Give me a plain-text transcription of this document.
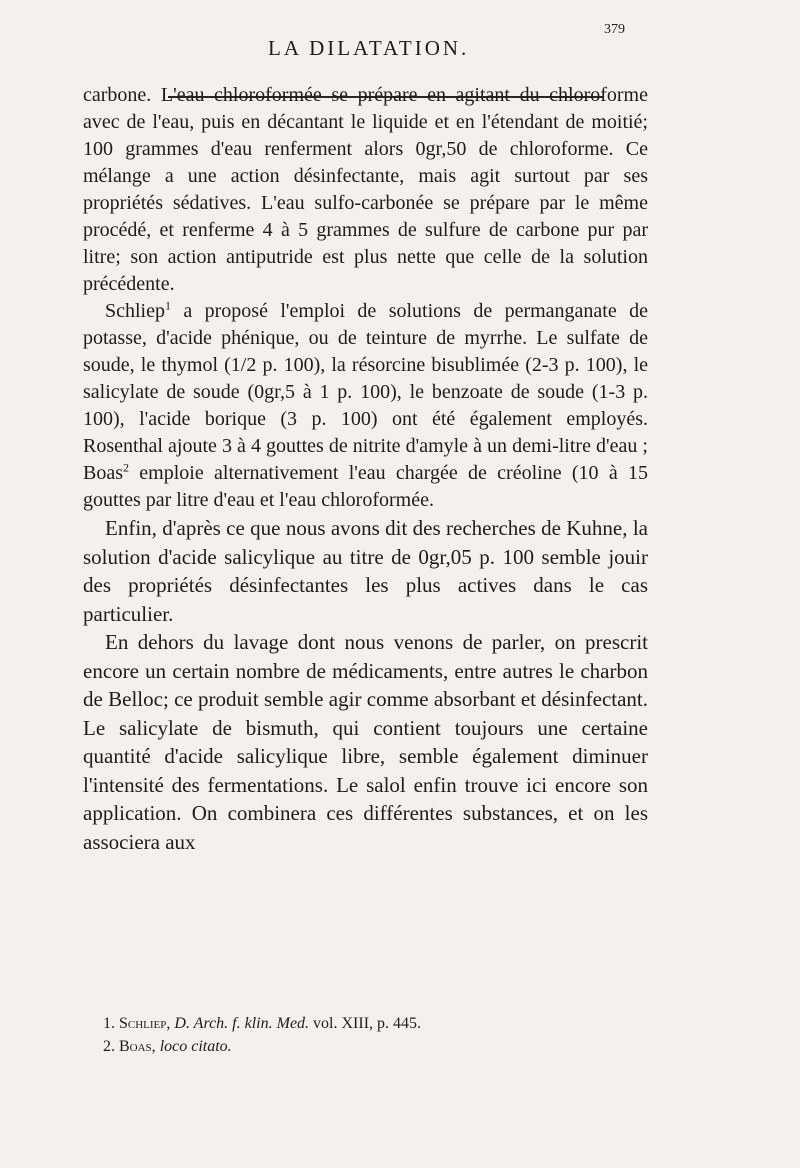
LA DILATATION.
379

carbone. L'eau chloroformée se prépare en agitant du chloroforme avec de l'eau, puis en décantant le liquide et en l'étendant de moitié; 100 grammes d'eau renferment alors 0gr,50 de chloroforme. Ce mélange a une action désinfectante, mais agit surtout par ses propriétés sédatives. L'eau sulfo-carbonée se prépare par le même procédé, et renferme 4 à 5 grammes de sulfure de carbone pur par litre; son action antiputride est plus nette que celle de la solution précédente.

Schliep$^1$ a proposé l'emploi de solutions de permanganate de potasse, d'acide phénique, ou de teinture de myrrhe. Le sulfate de soude, le thymol (1/2 p. 100), la résorcine bisublimée (2-3 p. 100), le salicylate de soude (0gr,5 à 1 p. 100), le benzoate de soude (1-3 p. 100), l'acide borique (3 p. 100) ont été également employés. Rosenthal ajoute 3 à 4 gouttes de nitrite d'amyle à un demi-litre d'eau ; Boas$^2$ emploie alternativement l'eau chargée de créoline (10 à 15 gouttes par litre d'eau et l'eau chloroformée.

Enfin, d'après ce que nous avons dit des recherches de Kuhne, la solution d'acide salicylique au titre de 0gr,05 p. 100 semble jouir des propriétés désinfectantes les plus actives dans le cas particulier.

En dehors du lavage dont nous venons de parler, on prescrit encore un certain nombre de médicaments, entre autres le charbon de Belloc; ce produit semble agir comme absorbant et désinfectant. Le salicylate de bismuth, qui contient toujours une certaine quantité d'acide salicylique libre, semble également diminuer l'intensité des fermentations. Le salol enfin trouve ici encore son application. On combinera ces différentes substances, et on les associera aux

1. Schliep, D. Arch. f. klin. Med. vol. XIII, p. 445.

2. Boas, loco citato.
